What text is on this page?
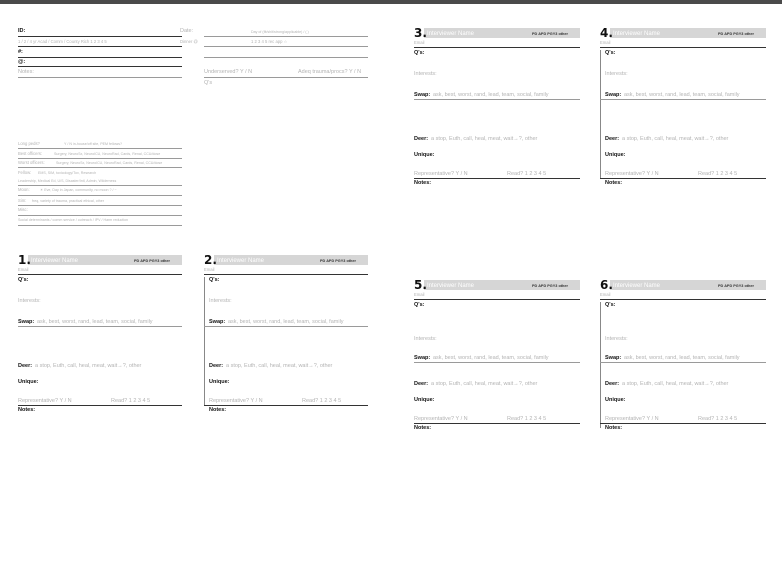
ID:	Date:	Day of (fit/shit/strong/applicable) / ( )
1 / 2 / 4 yr Acad / Comm / County Rich 1 2 3 4 5	Dinner @	1 2 3 4 5 rec app ☆
#:
@:
Notes:	Underserved? Y / N	Adeq trauma/procs? Y / N
Q's
Long peds?	Y / N in-house/off site, PEM fellows?
Best officers:	Surgery, NeuroSx, NeuroICU, NeuroRad, Cards, Renal, CCU/dose
Worst officers:	Surgery, NeuroSx, NeuroICU, NeuroRad, Cards, Renal, CCU/dose
Fellow: EMS, SIM, toxicology/Tox, Research
Leadership, Medical Ed, U/S, Disaster/Intl, Admin, Wilderness
Moon:	☀ Eve, Day in Japan, community, no moon ? / ~
Sim: freq, variety of trauma, practical ethical, other
Misc:
Social determinants / comm service / outreach / IPV / Harm reduction
1. Interviewer Name	PD APD PGY3 other
Email
Q's:
Interests:
Swap: ask, best, worst, rand, lead, team, social, family
Deer: a stop, Euth, call, heal, meat, wait→?, other
Unique:
Representative? Y / N	Read? 1 2 3 4 5
Notes:
2. Interviewer Name	PD APD PGY3 other
Email
Q's:
Interests:
Swap: ask, best, worst, rand, lead, team, social, family
Deer: a stop, Euth, call, heal, meat, wait→?, other
Unique:
Representative? Y / N	Read? 1 2 3 4 5
Notes:
3. Interviewer Name	PD APD PGY3 other
Email
Q's:
Interests:
Swap: ask, best, worst, rand, lead, team, social, family
Deer: a stop, Euth, call, heal, meat, wait→?, other
Unique:
Representative? Y / N	Read? 1 2 3 4 5
Notes:
4. Interviewer Name	PD APD PGY3 other
Email
Q's:
Interests:
Swap: ask, best, worst, rand, lead, team, social, family
Deer: a stop, Euth, call, heal, meat, wait→?, other
Unique:
Representative? Y / N	Read? 1 2 3 4 5
Notes:
5. Interviewer Name	PD APD PGY3 other
Email
Q's:
Interests:
Swap: ask, best, worst, rand, lead, team, social, family
Deer: a stop, Euth, call, heal, meat, wait→?, other
Unique:
Representative? Y / N	Read? 1 2 3 4 5
Notes:
6. Interviewer Name	PD APD PGY3 other
Email
Q's:
Interests:
Swap: ask, best, worst, rand, lead, team, social, family
Deer: a stop, Euth, call, heal, meat, wait→?, other
Unique:
Representative? Y / N	Read? 1 2 3 4 5
Notes:
